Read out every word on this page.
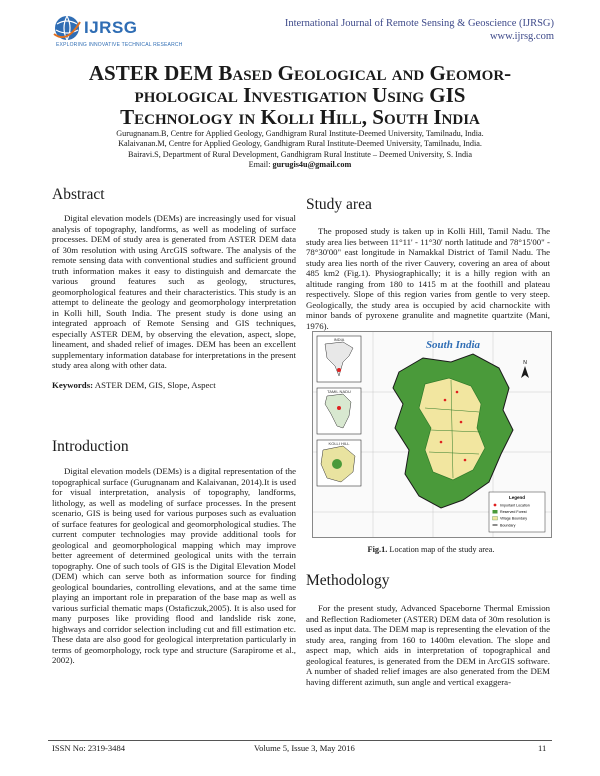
IJRSG
EXPLORING INNOVATIVE TECHNICAL RESEARCH
International Journal of Remote Sensing & Geoscience (IJRSG)
www.ijrsg.com
ASTER DEM Based Geological and Geomor-
phological Investigation Using GIS
Technology in Kolli Hill, South India
Gurugnanam.B, Centre for Applied Geology, Gandhigram Rural Institute-Deemed University, Tamilnadu, India.
Kalaivanan.M, Centre for Applied Geology, Gandhigram Rural Institute-Deemed University, Tamilnadu, India.
Bairavi.S, Department of Rural Development, Gandhigram Rural Institute – Deemed University, S. India
Email: gurugis4u@gmail.com
Abstract

Digital elevation models (DEMs) are increasingly used for visual analysis of topography, landforms, as well as modeling of surface processes. DEM of study area is generated from ASTER DEM data of 30m resolution with using ArcGIS software. The analysis of the remote sensing data with conventional studies and sufficient ground truth information makes it easy to distinguish and demarcate the various ground features such as geology, structures, geomorphological features and their characteristics. This study is an attempt to delineate the geology and geomorphology interpretation in Kolli hill, South India. The present study is done using an integrated approach of Remote Sensing and GIS techniques, especially ASTER DEM, by observing the elevation, aspect, slope, lineament, and shaded relief of images. DEM has been an excellent supplementary information database for interpretations in the present study area along with other data.

Keywords: ASTER DEM, GIS, Slope, Aspect
Introduction

Digital elevation models (DEMs) is a digital representation of the topographical surface (Gurugnanam and Kalaivanan, 2014).It is used for visual interpretation, analysis of topography, landforms, lithology, as well as modeling of surface processes. In the present scenario, GIS is being used for various purposes such as evaluation of surface features for geological and geomorphological studies. The current computer technologies may provide additional tools for geological and geomorphological mapping which may improve better agreement of determined geological units with the terrain topography. One of such tools of GIS is the Digital Elevation Model (DEM) which can serve both as information source for finding geological boundaries, controlling elevations, and at the same time playing an important role in preparation of the base map as well as various surficial thematic maps (Ostaficzuk,2005). It is also used for many purposes like providing flood and landslide risk zone, highways and corridor selection including cut and fill estimation etc. These data are also good for geological interpretation particularly in terms of geomorphology, rock type and structure (Sarapirome et al., 2002).

Study area

The proposed study is taken up in Kolli Hill, Tamil Nadu. The study area lies between 11°11' - 11°30' north latitude and 78°15'00" - 78°30'00" east longitude in Namakkal District of Tamil Nadu. The study area lies north of the river Cauvery, covering an area of about 485 km2 (Fig.1). Physiographically; it is a hilly region with an altitude ranging from 180 to 1415 m at the foothill and plateau respectively. Slope of this region varies from gentle to very steep. Geologically, the study area is occupied by acid charnockite with minor bands of pyroxene granulite and magnetite quartzite (Mani, 1976).

INDIA
TAMIL NADU
KOLLI HILL
South India
N
Legend
Important Location
Reserved Forest
Village Boundary
Boundary
Fig.1. Location map of the study area.
Methodology

For the present study, Advanced Spaceborne Thermal Emission and Reflection Radiometer (ASTER) DEM data of 30m resolution is used as input data. The DEM map is representing the elevation of the study area, ranging from 160 to 1400m elevation. The slope and aspect map, which aids in interpretation of topographical and geological features, is generated from the DEM in ArcGIS software. A number of shaded relief images are also generated from the DEM having different azimuth, sun angle and vertical exaggera-

ISSN No: 2319-3484	Volume 5, Issue 3, May 2016	11
